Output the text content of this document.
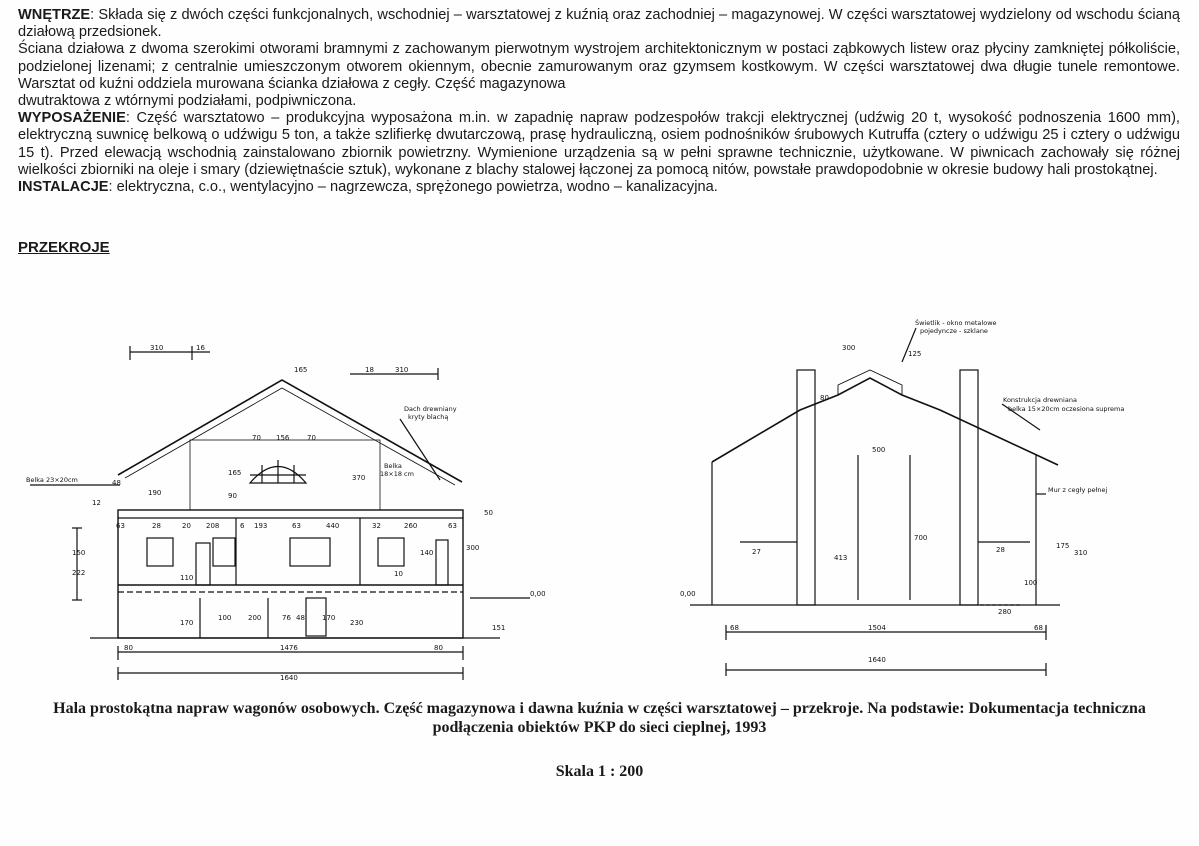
WNĘTRZE: Składa się z dwóch części funkcjonalnych, wschodniej – warsztatowej z kuźnią oraz zachodniej – magazynowej. W części warsztatowej wydzielony od wschodu ścianą działową przedsionek.

Ściana działowa z dwoma szerokimi otworami bramnymi z zachowanym pierwotnym wystrojem architektonicznym w postaci ząbkowych listew oraz płyciny zamkniętej półkoliście, podzielonej lizenami; z centralnie umieszczonym otworem okiennym, obecnie zamurowanym oraz gzymsem kostkowym. W części warsztatowej dwa długie tunele remontowe. Warsztat od kuźni oddziela murowana ścianka działowa z cegły. Część magazynowa

dwutraktowa z wtórnymi podziałami, podpiwniczona.

WYPOSAŻENIE: Część warsztatowo – produkcyjna wyposażona m.in. w zapadnię napraw podzespołów trakcji elektrycznej (udźwig 20 t, wysokość podnoszenia 1600 mm), elektryczną suwnicę belkową o udźwigu 5 ton, a także szlifierkę dwutarczową, prasę hydrauliczną, osiem podnośników śrubowych Kutruffa (cztery o udźwigu 25 i cztery o udźwigu 15 t). Przed elewacją wschodnią zainstalowano zbiornik powietrzny. Wymienione urządzenia są w pełni sprawne technicznie, użytkowane. W piwnicach zachowały się różnej wielkości zbiorniki na oleje i smary (dziewiętnaście sztuk), wykonane z blachy stalowej łączonej za pomocą nitów, powstałe prawdopodobnie w okresie budowy hali prostokątnej.

INSTALACJE: elektryczna, c.o., wentylacyjno – nagrzewcza, sprężonego powietrza, wodno – kanalizacyjna.

PRZEKROJE
310	16
165	18	310
Belka 23×20cm
Dach drewniany
kryty blachą
Belka
18×18 cm
70 156	70
63	28	20 208	6 193	63	440	32	260	63
100 200	76 48 170
48
190	90
165
370
12
150
222
110
170	230
300
10
140
50
0,00
151
80	1476	80
1640
Świetlik - okno metalowe
pojedyncze - szklane
Konstrukcja drewniana
belka 15×20cm oczesiona suprema
Mur z cegły pełnej
300
125
80
500
413
700
27	28	175
310
100
0,00
280
68	1504	68
1640
Hala prostokątna napraw wagonów osobowych. Część magazynowa i dawna kuźnia w części warsztatowej – przekroje. Na podstawie: Dokumentacja techniczna
podłączenia obiektów PKP do sieci cieplnej, 1993
Skala 1 : 200
